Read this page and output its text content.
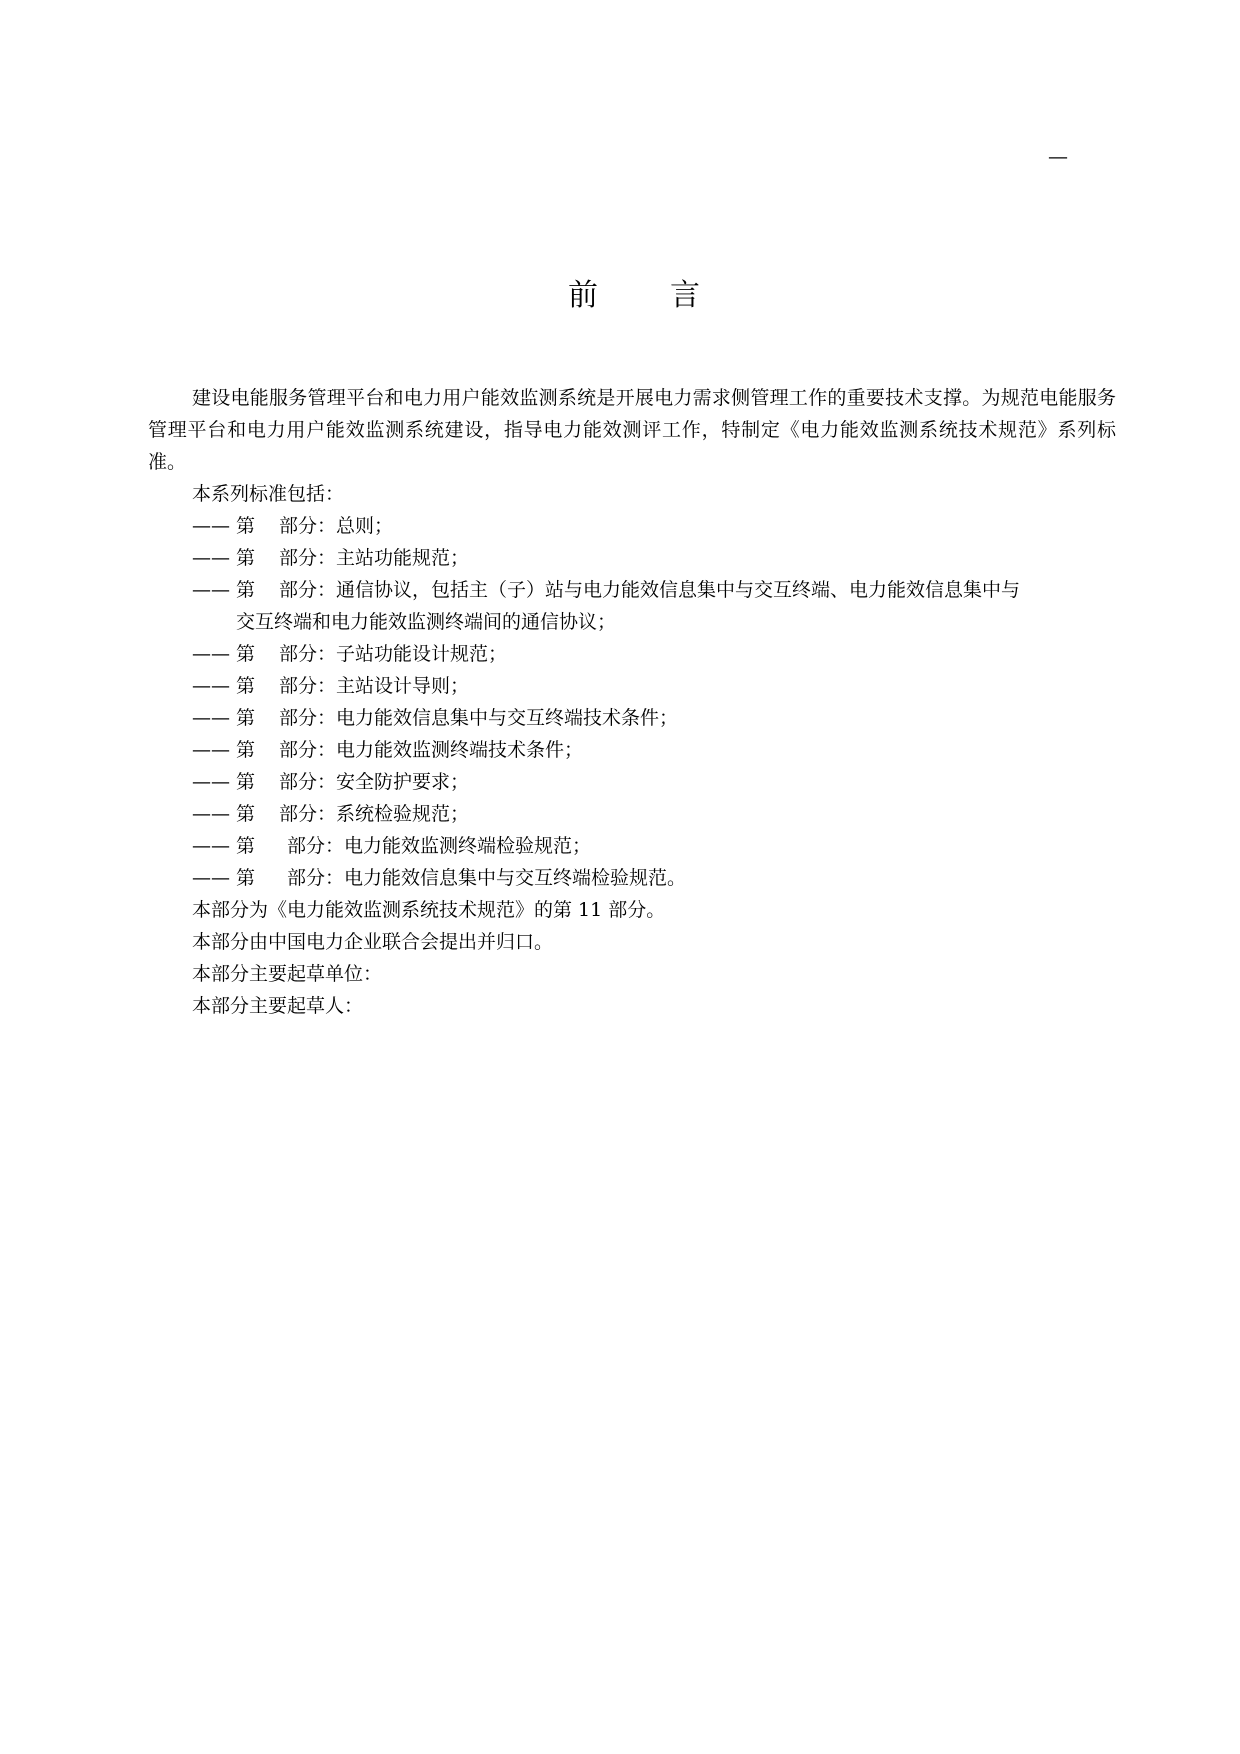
—
前 言

建设电能服务管理平台和电力用户能效监测系统是开展电力需求侧管理工作的重要技术支撑。为规范电能服务管理平台和电力用户能效监测系统建设，指导电力能效测评工作，特制定《电力能效监测系统技术规范》系列标准。

本系列标准包括：

—— 第 部分：总则；

—— 第 部分：主站功能规范；

—— 第 部分：通信协议，包括主（子）站与电力能效信息集中与交互终端、电力能效信息集中与
交互终端和电力能效监测终端间的通信协议；

—— 第 部分：子站功能设计规范；

—— 第 部分：主站设计导则；

—— 第 部分：电力能效信息集中与交互终端技术条件；

—— 第 部分：电力能效监测终端技术条件；

—— 第 部分：安全防护要求；

—— 第 部分：系统检验规范；

—— 第 部分：电力能效监测终端检验规范；

—— 第 部分：电力能效信息集中与交互终端检验规范。

本部分为《电力能效监测系统技术规范》的第 11 部分。

本部分由中国电力企业联合会提出并归口。

本部分主要起草单位：

本部分主要起草人：
